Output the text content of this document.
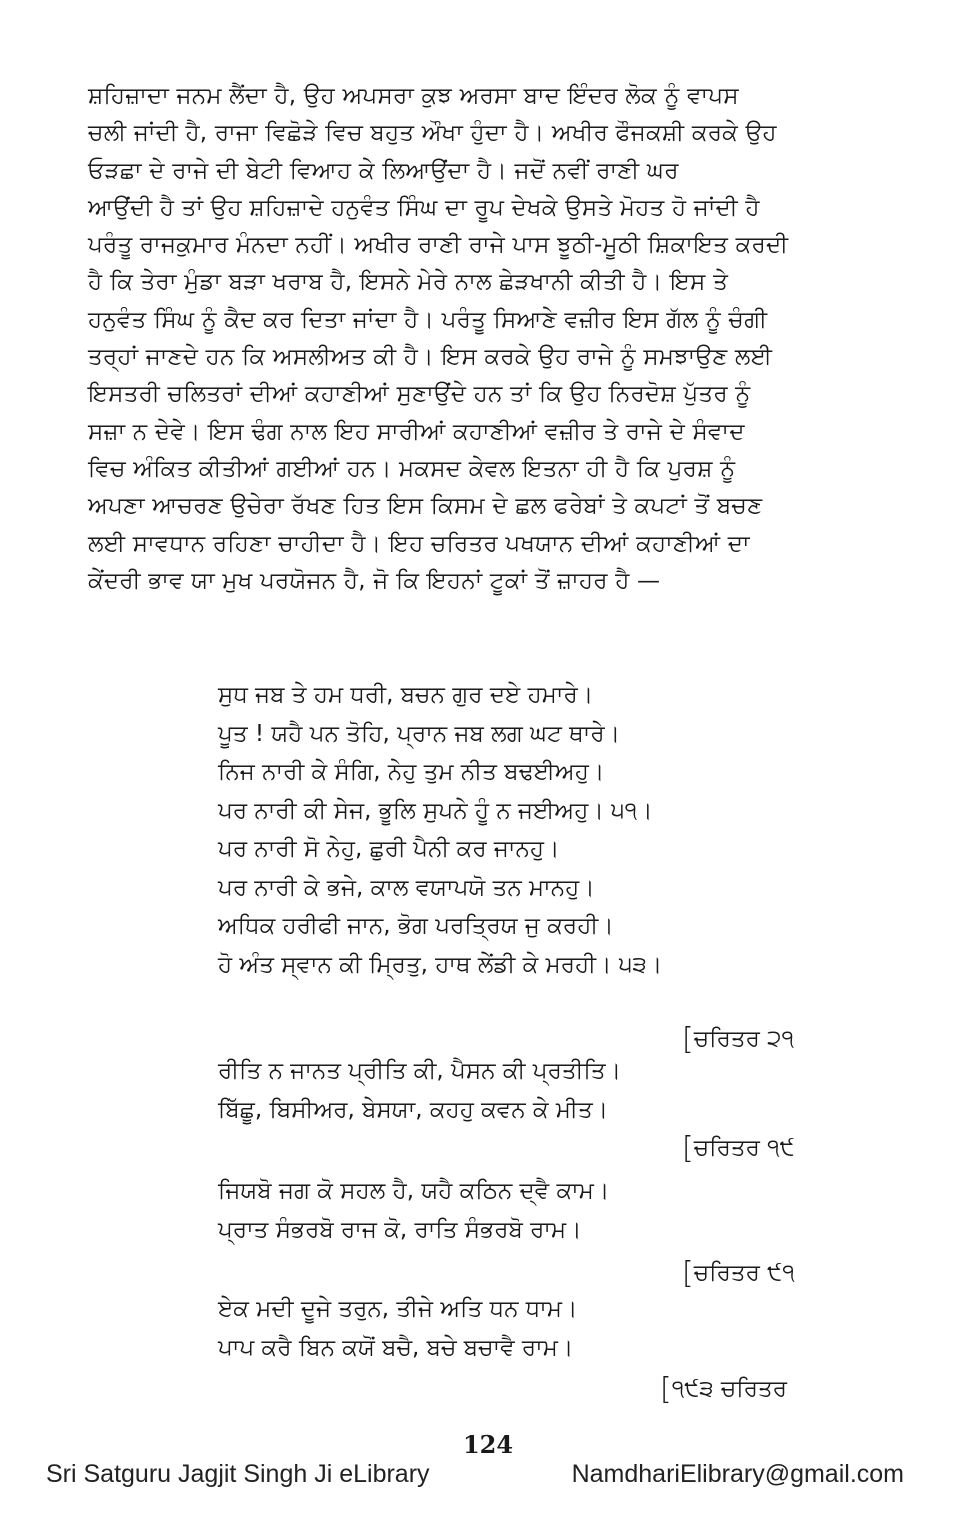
ਸ਼ਹਿਜ਼ਾਦਾ ਜਨਮ ਲੈਂਦਾ ਹੈ, ਉਹ ਅਪਸਰਾ ਕੁਝ ਅਰਸਾ ਬਾਦ ਇੰਦਰ ਲੋਕ ਨੂੰ ਵਾਪਸ
ਚਲੀ ਜਾਂਦੀ ਹੈ, ਰਾਜਾ ਵਿਛੋੜੇ ਵਿਚ ਬਹੁਤ ਔਖਾ ਹੁੰਦਾ ਹੈ। ਅਖੀਰ ਫੌਜਕਸ਼ੀ ਕਰਕੇ ਉਹ
ਓੜਛਾ ਦੇ ਰਾਜੇ ਦੀ ਬੇਟੀ ਵਿਆਹ ਕੇ ਲਿਆਉਂਦਾ ਹੈ। ਜਦੋਂ ਨਵੀਂ ਰਾਣੀ ਘਰ
ਆਉਂਦੀ ਹੈ ਤਾਂ ਉਹ ਸ਼ਹਿਜ਼ਾਦੇ ਹਨੁਵੰਤ ਸਿੰਘ ਦਾ ਰੂਪ ਦੇਖਕੇ ਉਸਤੇ ਮੋਹਤ ਹੋ ਜਾਂਦੀ ਹੈ
ਪਰੰਤੂ ਰਾਜਕੁਮਾਰ ਮੰਨਦਾ ਨਹੀਂ। ਅਖੀਰ ਰਾਣੀ ਰਾਜੇ ਪਾਸ ਝੂਠੀ-ਮੂਠੀ ਸ਼ਿਕਾਇਤ ਕਰਦੀ
ਹੈ ਕਿ ਤੇਰਾ ਮੁੰਡਾ ਬੜਾ ਖਰਾਬ ਹੈ, ਇਸਨੇ ਮੇਰੇ ਨਾਲ ਛੇੜਖਾਨੀ ਕੀਤੀ ਹੈ। ਇਸ ਤੇ
ਹਨੁਵੰਤ ਸਿੰਘ ਨੂੰ ਕੈਦ ਕਰ ਦਿਤਾ ਜਾਂਦਾ ਹੈ। ਪਰੰਤੂ ਸਿਆਣੇ ਵਜ਼ੀਰ ਇਸ ਗੱਲ ਨੂੰ ਚੰਗੀ
ਤਰ੍ਹਾਂ ਜਾਣਦੇ ਹਨ ਕਿ ਅਸਲੀਅਤ ਕੀ ਹੈ। ਇਸ ਕਰਕੇ ਉਹ ਰਾਜੇ ਨੂੰ ਸਮਝਾਉਣ ਲਈ
ਇਸਤਰੀ ਚਲਿਤਰਾਂ ਦੀਆਂ ਕਹਾਣੀਆਂ ਸੁਣਾਉਂਦੇ ਹਨ ਤਾਂ ਕਿ ਉਹ ਨਿਰਦੋਸ਼ ਪੁੱਤਰ ਨੂੰ
ਸਜ਼ਾ ਨ ਦੇਵੇ। ਇਸ ਢੰਗ ਨਾਲ ਇਹ ਸਾਰੀਆਂ ਕਹਾਣੀਆਂ ਵਜ਼ੀਰ ਤੇ ਰਾਜੇ ਦੇ ਸੰਵਾਦ
ਵਿਚ ਅੰਕਿਤ ਕੀਤੀਆਂ ਗਈਆਂ ਹਨ। ਮਕਸਦ ਕੇਵਲ ਇਤਨਾ ਹੀ ਹੈ ਕਿ ਪੁਰਸ਼ ਨੂੰ
ਅਪਣਾ ਆਚਰਣ ਉਚੇਰਾ ਰੱਖਣ ਹਿਤ ਇਸ ਕਿਸਮ ਦੇ ਛਲ ਫਰੇਬਾਂ ਤੇ ਕਪਟਾਂ ਤੋਂ ਬਚਣ
ਲਈ ਸਾਵਧਾਨ ਰਹਿਣਾ ਚਾਹੀਦਾ ਹੈ। ਇਹ ਚਰਿਤਰ ਪਖਯਾਨ ਦੀਆਂ ਕਹਾਣੀਆਂ ਦਾ
ਕੇਂਦਰੀ ਭਾਵ ਯਾ ਮੁਖ ਪਰਯੋਜਨ ਹੈ, ਜੋ ਕਿ ਇਹਨਾਂ ਟੂਕਾਂ ਤੋਂ ਜ਼ਾਹਰ ਹੈ —
ਸੁਧ ਜਬ ਤੇ ਹਮ ਧਰੀ, ਬਚਨ ਗੁਰ ਦਏ ਹਮਾਰੇ।
ਪੂਤ ! ਯਹੈ ਪਨ ਤੋਹਿ, ਪ੍ਰਾਨ ਜਬ ਲਗ ਘਟ ਥਾਰੇ।
ਨਿਜ ਨਾਰੀ ਕੇ ਸੰਗਿ, ਨੇਹੁ ਤੁਮ ਨੀਤ ਬਢਈਅਹੁ।
ਪਰ ਨਾਰੀ ਕੀ ਸੇਜ, ਭੂਲਿ ਸੁਪਨੇ ਹੂੰ ਨ ਜਈਅਹੁ। ੫੧।
ਪਰ ਨਾਰੀ ਸੋ ਨੇਹੁ, ਛੁਰੀ ਪੈਨੀ ਕਰ ਜਾਨਹੁ।
ਪਰ ਨਾਰੀ ਕੇ ਭਜੇ, ਕਾਲ ਵਯਾਪਯੋ ਤਨ ਮਾਨਹੁ।
ਅਧਿਕ ਹਰੀਫੀ ਜਾਨ, ਭੋਗ ਪਰਤ੍ਰਿਯ ਜੁ ਕਰਹੀ।
ਹੋ ਅੰਤ ਸ੍ਵਾਨ ਕੀ ਮ੍ਰਿਤੁ, ਹਾਥ ਲੇਂਡੀ ਕੇ ਮਰਹੀ। ੫੩।
[ਚਰਿਤਰ ੨੧
ਰੀਤਿ ਨ ਜਾਨਤ ਪ੍ਰੀਤਿ ਕੀ, ਪੈਸਨ ਕੀ ਪ੍ਰਤੀਤਿ।
ਬਿੱਛੂ, ਬਿਸੀਅਰ, ਬੇਸਯਾ, ਕਹਹੁ ਕਵਨ ਕੇ ਮੀਤ।
[ਚਰਿਤਰ ੧੯
ਜਿਯਬੋ ਜਗ ਕੋ ਸਹਲ ਹੈ, ਯਹੈ ਕਠਿਨ ਦ੍ਵੈ ਕਾਮ।
ਪ੍ਰਾਤ ਸੰਭਰਬੋ ਰਾਜ ਕੋ, ਰਾਤਿ ਸੰਭਰਬੋ ਰਾਮ।
[ਚਰਿਤਰ ੯੧
ਏਕ ਮਦੀ ਦੂਜੇ ਤਰੁਨ, ਤੀਜੇ ਅਤਿ ਧਨ ਧਾਮ।
ਪਾਪ ਕਰੈ ਬਿਨ ਕਯੋਂ ਬਚੈ, ਬਚੇ ਬਚਾਵੈ ਰਾਮ।
[੧੯੩ ਚਰਿਤਰ
124
Sri Satguru Jagjit Singh Ji eLibrary	NamdhariElibrary@gmail.com
